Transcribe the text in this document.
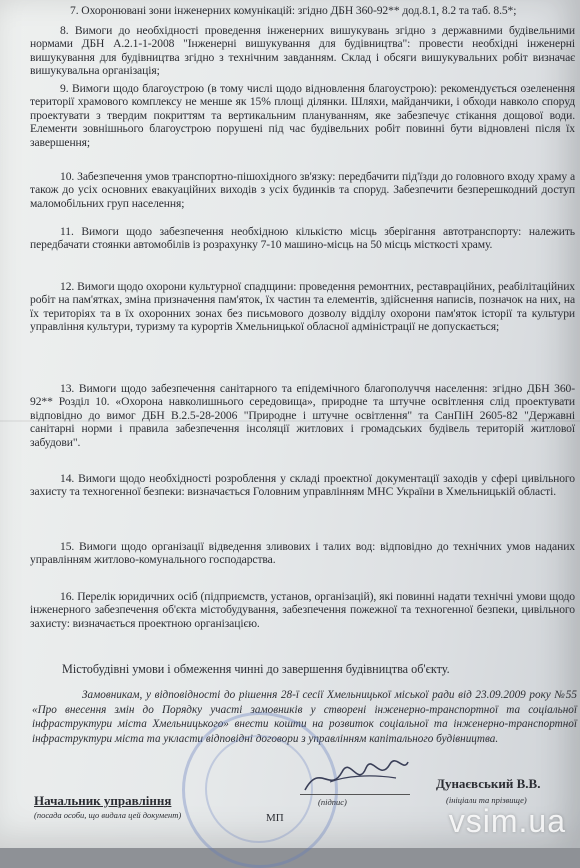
7. Охоронювані зони інженерних комунікацій: згідно ДБН 360-92** дод.8.1, 8.2 та таб. 8.5*;
8. Вимоги до необхідності проведення інженерних вишукувань згідно з державними будівельними нормами ДБН А.2.1-1-2008 "Інженерні вишукування для будівництва": провести необхідні інженерні вишукування для будівництва згідно з технічним завданням. Склад і обсяги вишукувальних робіт визначає вишукувальна організація;
9. Вимоги щодо благоустрою (в тому числі щодо відновлення благоустрою): рекомендується озеленення території храмового комплексу не менше як 15% площі ділянки. Шляхи, майданчики, і обходи навколо споруд проектувати з твердим покриттям та вертикальним плануванням, яке забезпечує стікання дощової води. Елементи зовнішнього благоустрою порушені під час будівельних робіт повинні бути відновлені після їх завершення;
10. Забезпечення умов транспортно-пішохідного зв'язку: передбачити під'їзди до головного входу храму а також до усіх основних евакуаційних виходів з усіх будинків та споруд. Забезпечити безперешкодний доступ маломобільних груп населення;
11. Вимоги щодо забезпечення необхідною кількістю місць зберігання автотранспорту: належить передбачати стоянки автомобілів із розрахунку 7-10 машино-місць на 50 місць місткості храму.
12. Вимоги щодо охорони культурної спадщини: проведення ремонтних, реставраційних, реабілітаційних робіт на пам'ятках, зміна призначення пам'яток, їх частин та елементів, здійснення написів, позначок на них, на їх територіях та в їх охоронних зонах без письмового дозволу відділу охорони пам'яток історії та культури управління культури, туризму та курортів Хмельницької обласної адміністрації не допускається;
13. Вимоги щодо забезпечення санітарного та епідемічного благополуччя населення: згідно ДБН 360-92** Розділ 10. «Охорона навколишнього середовища», природне та штучне освітлення слід проектувати відповідно до вимог ДБН В.2.5-28-2006 "Природне і штучне освітлення" та СанПіН 2605-82 "Державні санітарні норми і правила забезпечення інсоляції житлових і громадських будівель територій житлової забудови".
14. Вимоги щодо необхідності розроблення у складі проектної документації заходів у сфері цивільного захисту та техногенної безпеки: визначається Головним управлінням МНС України в Хмельницькій області.
15. Вимоги щодо організації відведення зливових і талих вод: відповідно до технічних умов наданих управлінням житлово-комунального господарства.
16. Перелік юридичних осіб (підприємств, установ, організацій), які повинні надати технічні умови щодо інженерного забезпечення об'єкта містобудування, забезпечення пожежної та техногенної безпеки, цивільного захисту: визначається проектною організацією.
Містобудівні умови і обмеження чинні до завершення будівництва об'єкту.
Замовникам, у відповідності до рішення 28-ї сесії Хмельницької міської ради від 23.09.2009 року №55 «Про внесення змін до Порядку участі замовників у створені інженерно-транспортної та соціальної інфраструктури міста Хмельницького» внести кошти на розвиток соціальної та інженерно-транспортної інфраструктури міста та укласти відповідні договори з управлінням капітального будівництва.
(підпис)
Дунаєвський В.В.
(ініціали та прізвище)
Начальник управління
(посада особи, що видала цей документ)	МП	vsim.ua
